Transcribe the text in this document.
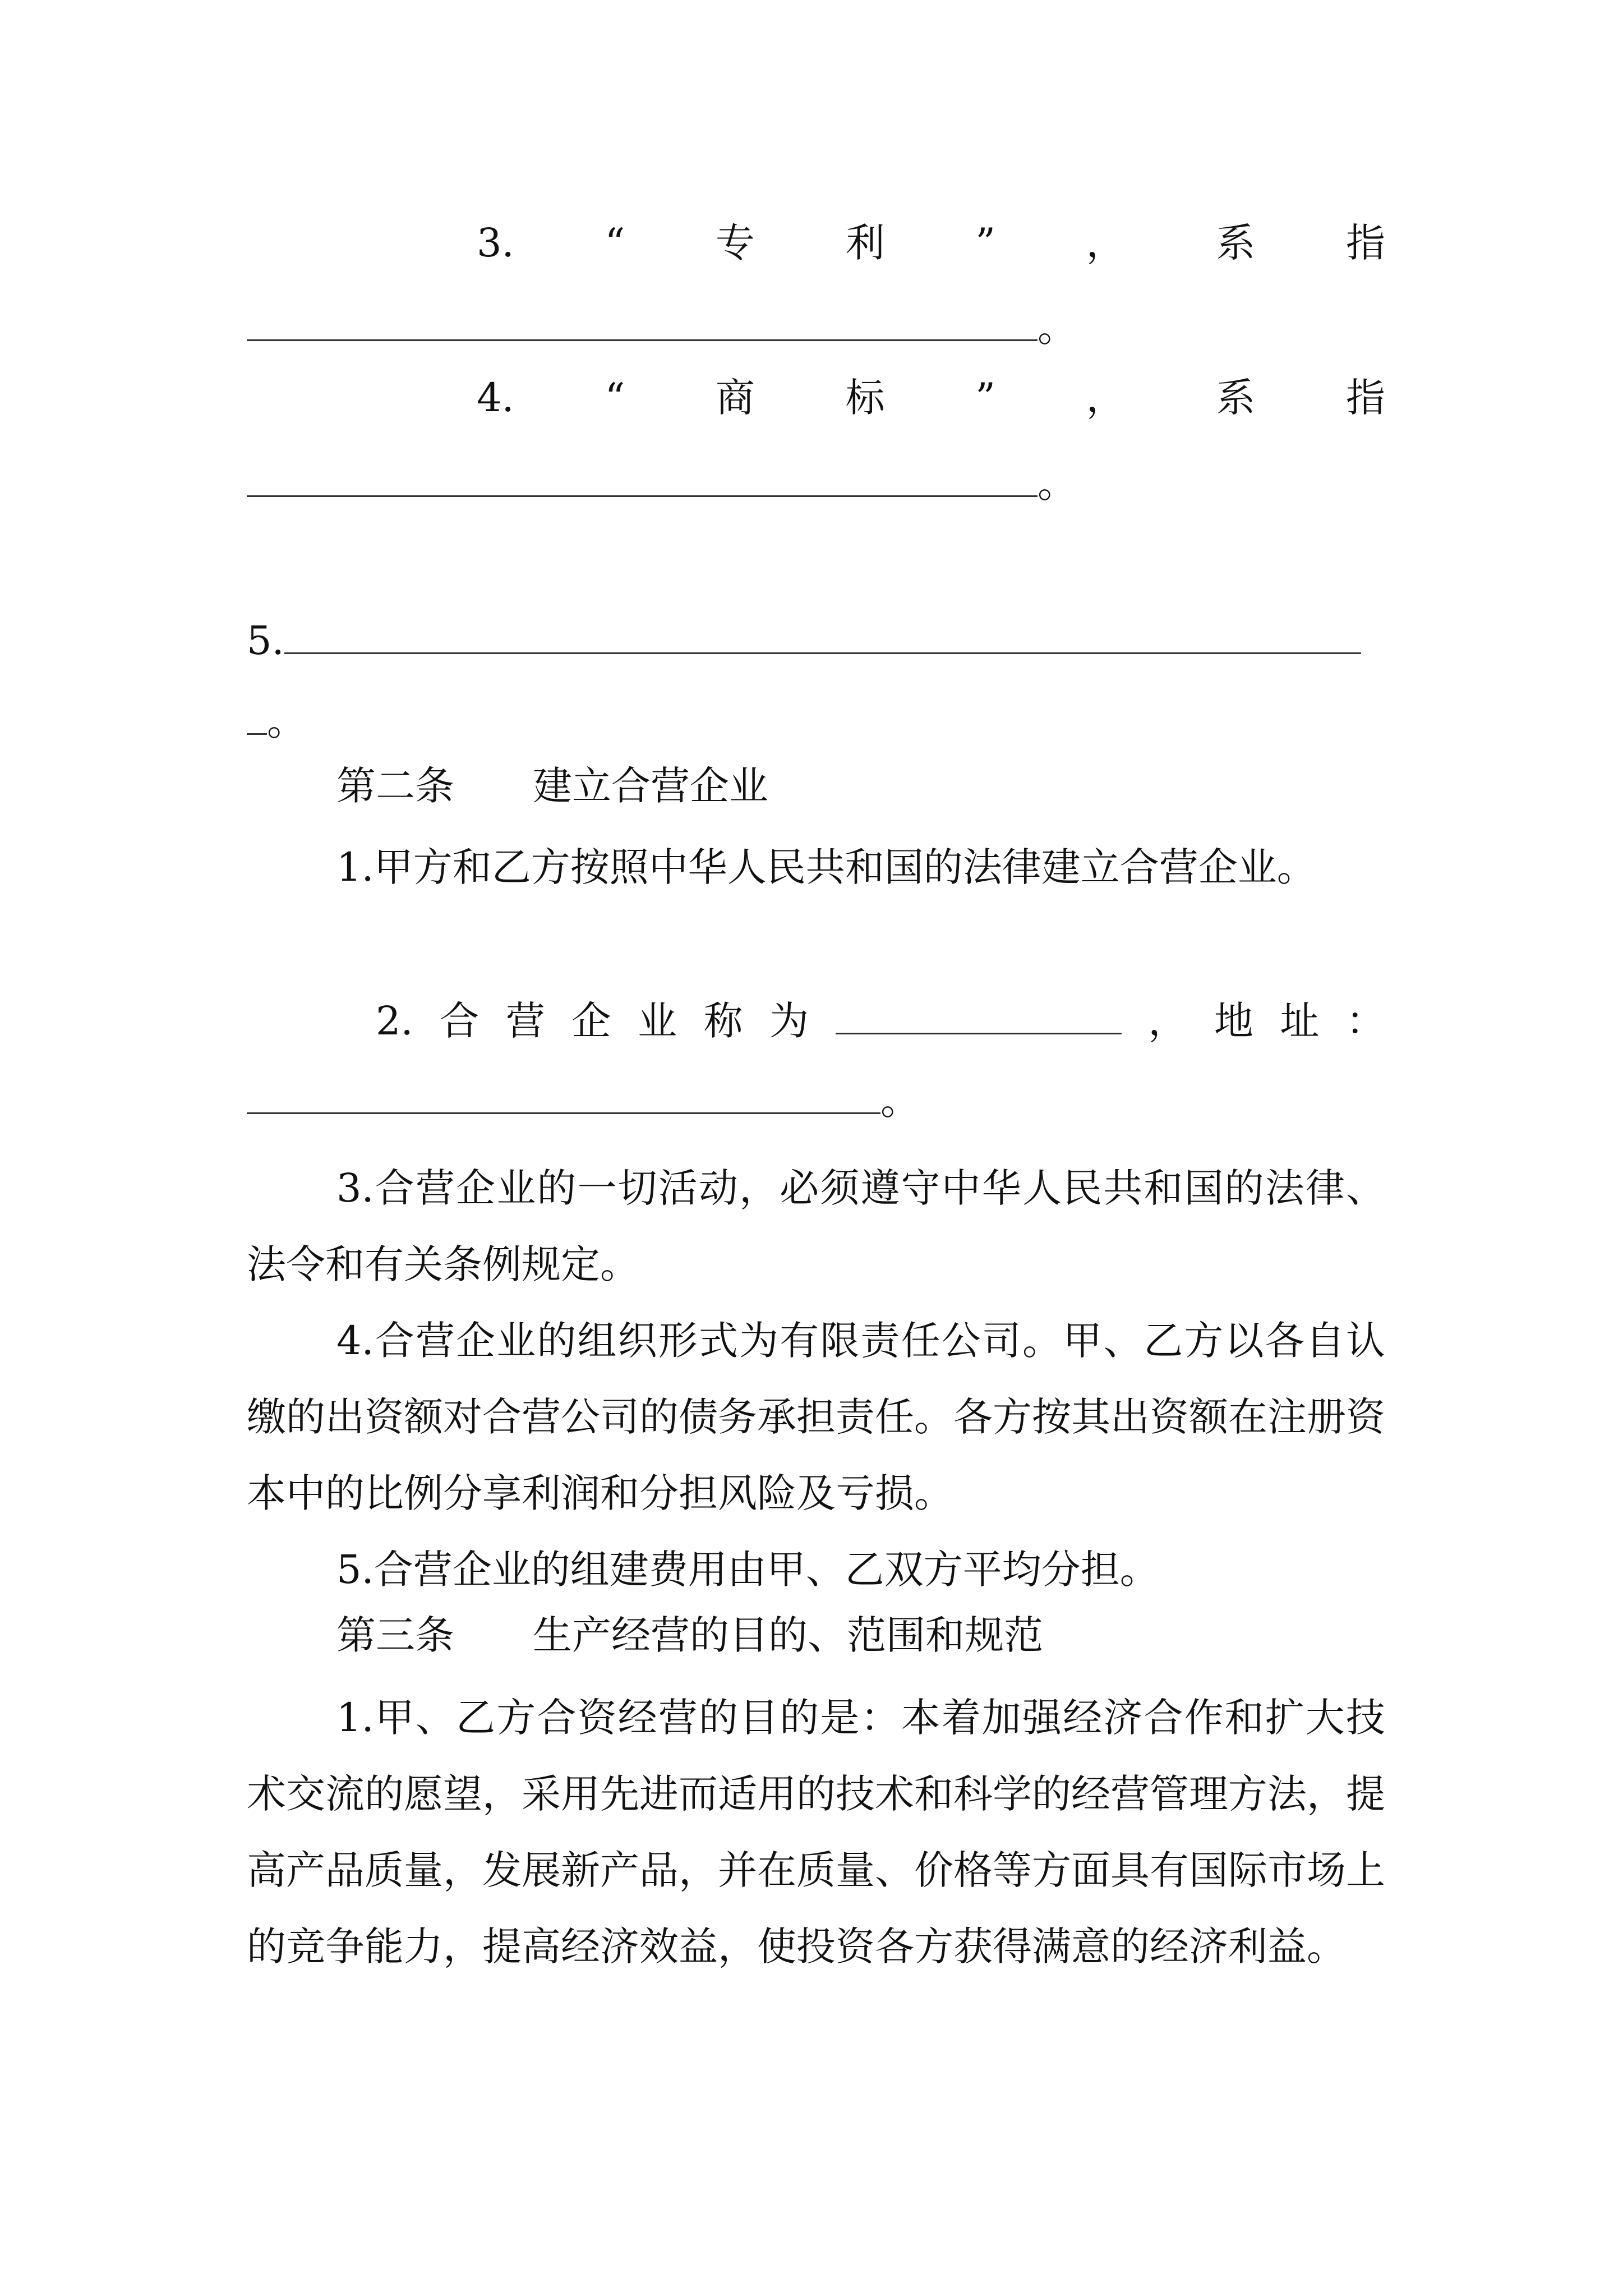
3. “ 专 利 ” ， 系 指
。
4. “ 商 标 ” ， 系 指
。
5.
。
第二条　　建立合营企业
1.甲方和乙方按照中华人民共和国的法律建立合营企业。
2. 合 营 企 业 称 为	， 地 址 ：
。
3.合营企业的一切活动，必须遵守中华人民共和国的法律、法令和有关条例规定。
4.合营企业的组织形式为有限责任公司。甲、乙方以各自认缴的出资额对合营公司的债务承担责任。各方按其出资额在注册资本中的比例分享利润和分担风险及亏损。
5.合营企业的组建费用由甲、乙双方平均分担。
第三条　　生产经营的目的、范围和规范
1.甲、乙方合资经营的目的是：本着加强经济合作和扩大技术交流的愿望，采用先进而适用的技术和科学的经营管理方法，提高产品质量，发展新产品，并在质量、价格等方面具有国际市场上的竞争能力，提高经济效益，使投资各方获得满意的经济利益。
